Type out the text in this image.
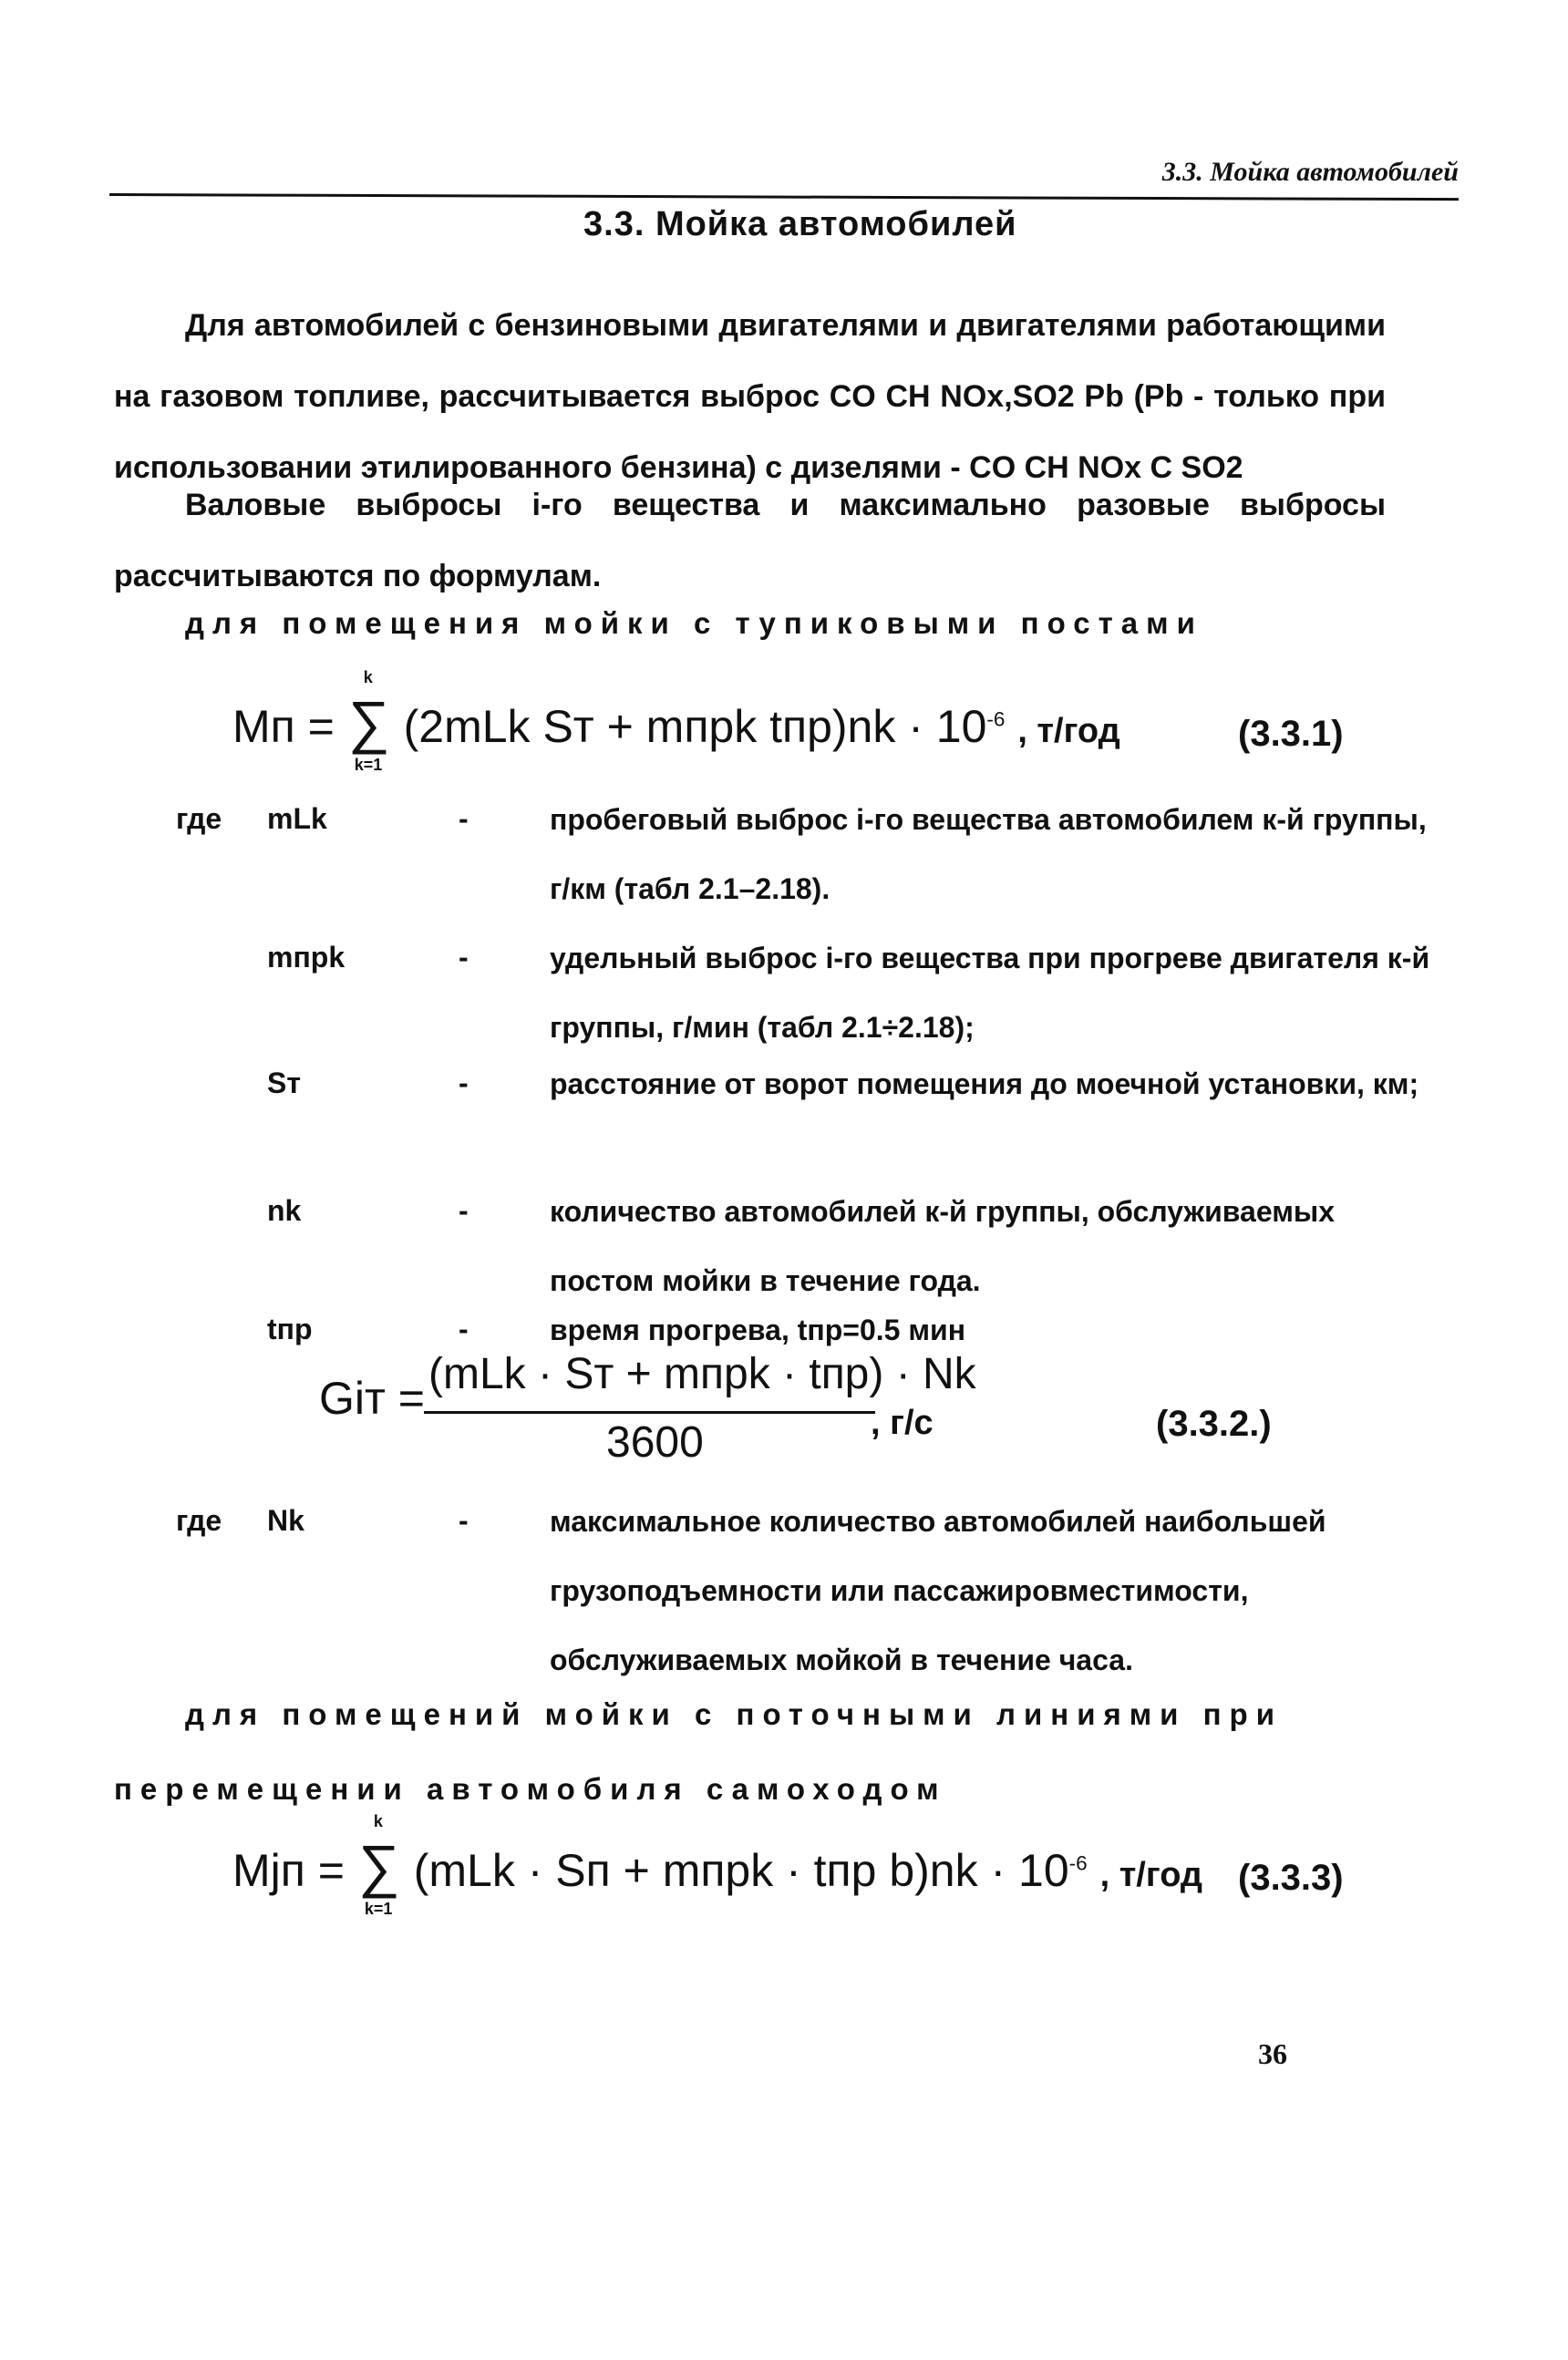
3.3. Мойка автомобилей
3.3. Мойка автомобилей
Для автомобилей с бензиновыми двигателями и двигателями работающими на газовом топливе, рассчитывается выброс CO CH NOx,SO2 Pb (Pb - только при использовании этилированного бензина) с дизелями - CO CH NOx C SO2
Валовые выбросы i-го вещества и максимально разовые выбросы рассчитываются по формулам.
для помещения мойки с тупиковыми постами
Mп =
k
∑
k=1
(2mLk Sт + mпрk $tпр)nk \cdot 10^{-6}$ , т/год	(3.3.1)
где mLk	-	пробеговый выброс i-го вещества автомобилем к-й группы, г/км (табл 2.1–2.18).
mпрk	-	удельный выброс i-го вещества при прогреве двигателя к-й группы, г/мин (табл 2.1÷2.18);
Sт	-	расстояние от ворот помещения до моечной установки, км;
nk	-	количество автомобилей к-й группы, обслуживаемых постом мойки в течение года.
tпр	-	время прогрева, tпр=0.5 мин
Giт = (mLk · Sт + mпрk · tпр) · Nk
3600	, г/с	(3.3.2.)
где Nk	-	максимальное количество автомобилей наибольшей грузоподъемности или пассажировместимости, обслуживаемых мойкой в течение часа.
для помещений мойки с поточными линиями при перемещении автомобиля самоходом
Mjп =
k
∑
k=1
(mLk · Sп + mпрk · tпр $b)nk \cdot 10^{-6}$ , т/год (3.3.3)
36
